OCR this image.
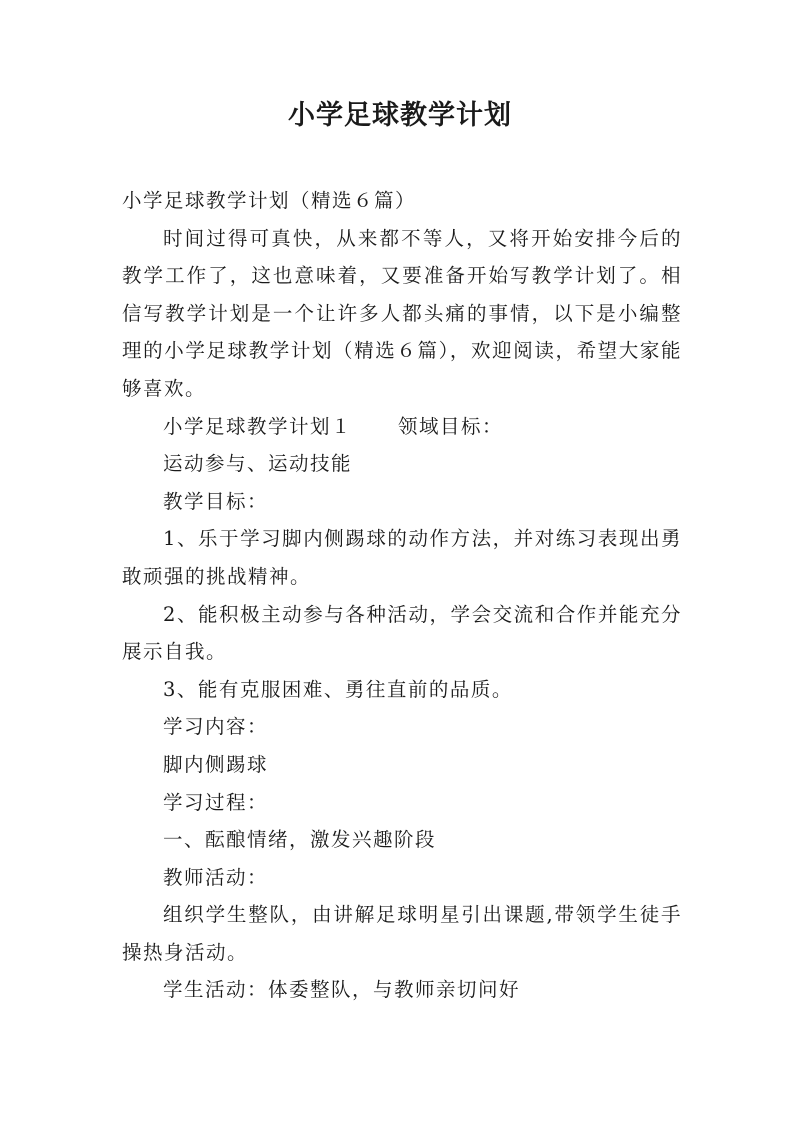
小学足球教学计划

小学足球教学计划（精选６篇）

时间过得可真快，从来都不等人，又将开始安排今后的教学工作了，这也意味着，又要准备开始写教学计划了。相信写教学计划是一个让许多人都头痛的事情，以下是小编整理的小学足球教学计划（精选６篇），欢迎阅读，希望大家能够喜欢。

小学足球教学计划１ 领域目标：

运动参与、运动技能

教学目标：

1、乐于学习脚内侧踢球的动作方法，并对练习表现出勇敢顽强的挑战精神。

2、能积极主动参与各种活动，学会交流和合作并能充分展示自我。

3、能有克服困难、勇往直前的品质。

学习内容：

脚内侧踢球

学习过程：

一、酝酿情绪，激发兴趣阶段

教师活动：

组织学生整队，由讲解足球明星引出课题,带领学生徒手操热身活动。

学生活动：体委整队，与教师亲切问好
